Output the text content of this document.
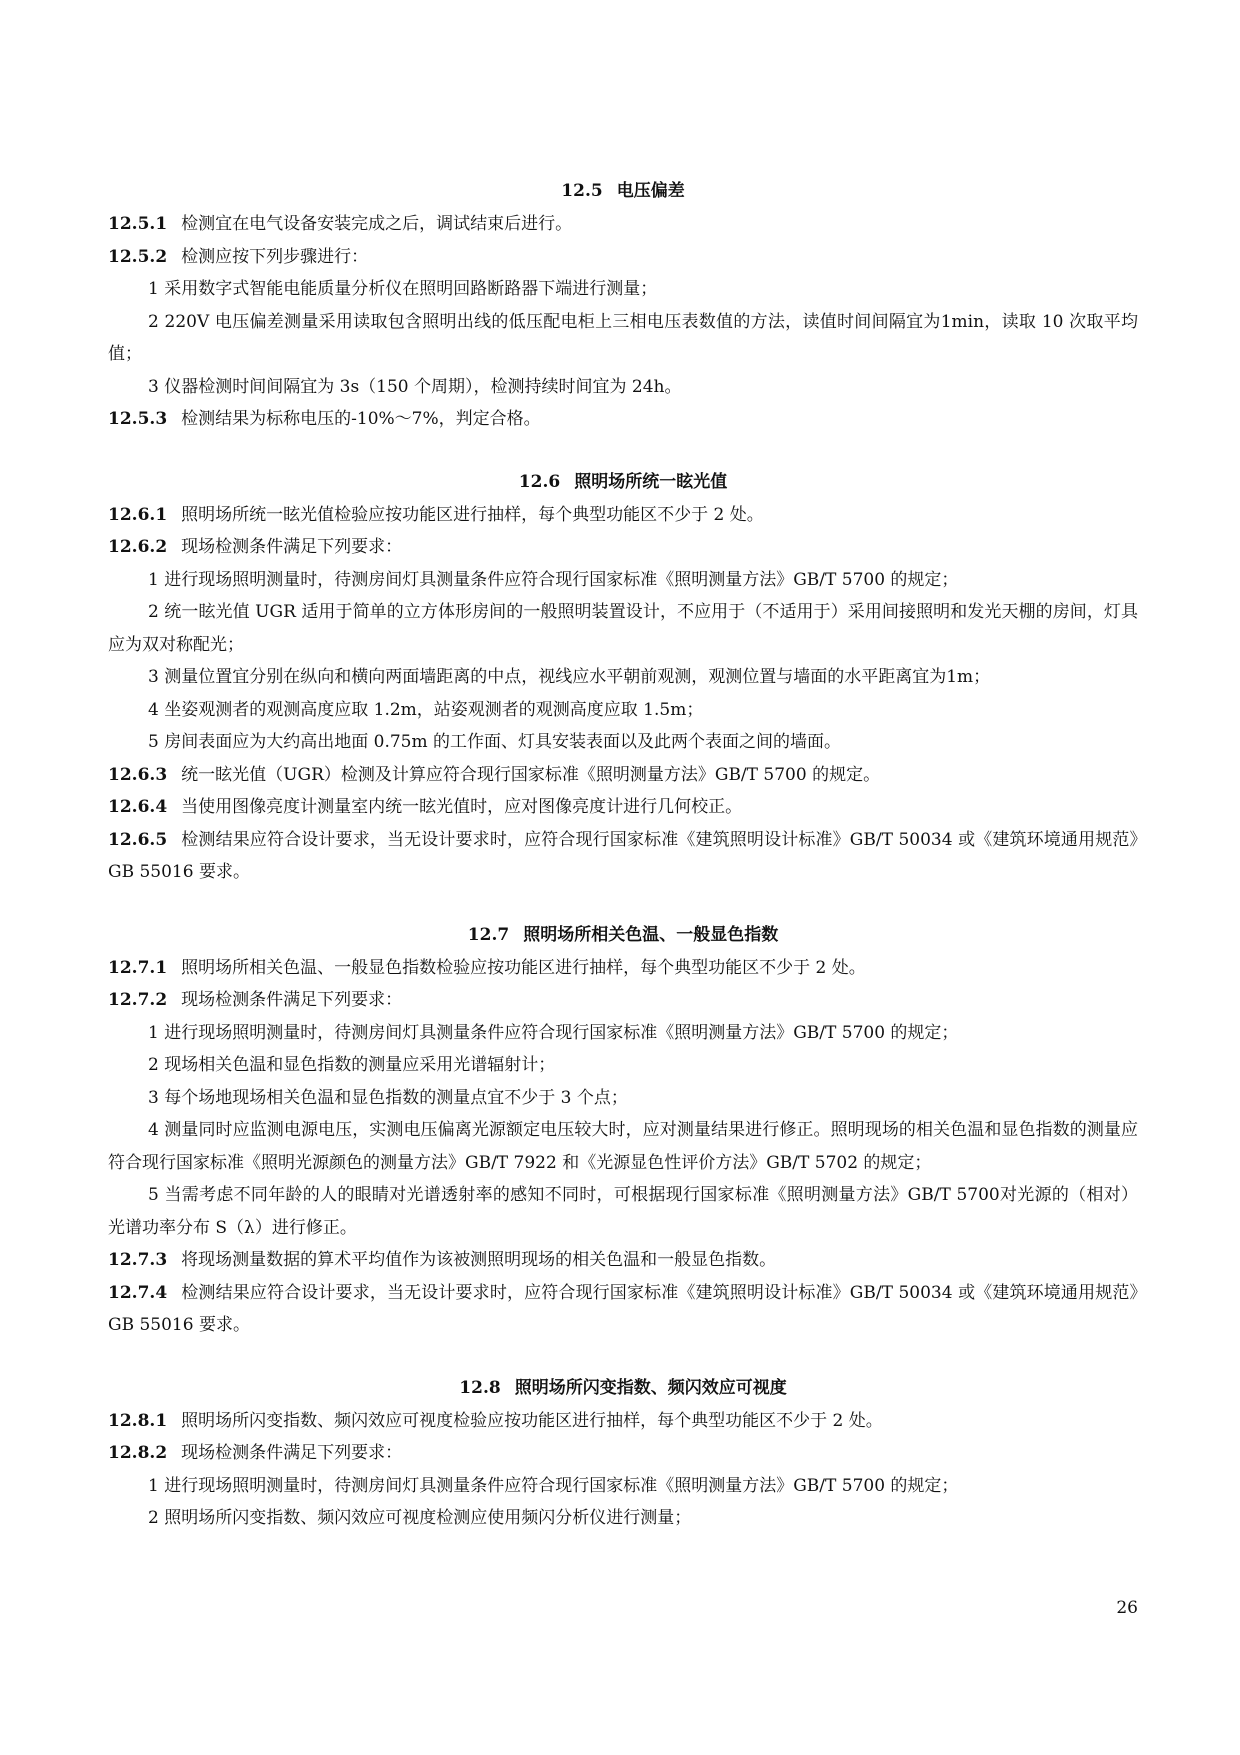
12.5 电压偏差

12.5.1 检测宜在电气设备安装完成之后，调试结束后进行。

12.5.2 检测应按下列步骤进行：

1 采用数字式智能电能质量分析仪在照明回路断路器下端进行测量；

2 220V 电压偏差测量采用读取包含照明出线的低压配电柜上三相电压表数值的方法，读值时间间隔宜为1min，读取 10 次取平均值；

3 仪器检测时间间隔宜为 3s（150 个周期），检测持续时间宜为 24h。

12.5.3 检测结果为标称电压的-10%～7%，判定合格。

12.6 照明场所统一眩光值

12.6.1 照明场所统一眩光值检验应按功能区进行抽样，每个典型功能区不少于 2 处。

12.6.2 现场检测条件满足下列要求：

1 进行现场照明测量时，待测房间灯具测量条件应符合现行国家标准《照明测量方法》GB/T 5700 的规定；

2 统一眩光值 UGR 适用于简单的立方体形房间的一般照明装置设计，不应用于（不适用于）采用间接照明和发光天棚的房间，灯具应为双对称配光；

3 测量位置宜分别在纵向和横向两面墙距离的中点，视线应水平朝前观测，观测位置与墙面的水平距离宜为1m；

4 坐姿观测者的观测高度应取 1.2m，站姿观测者的观测高度应取 1.5m；

5 房间表面应为大约高出地面 0.75m 的工作面、灯具安装表面以及此两个表面之间的墙面。

12.6.3 统一眩光值（UGR）检测及计算应符合现行国家标准《照明测量方法》GB/T 5700 的规定。

12.6.4 当使用图像亮度计测量室内统一眩光值时，应对图像亮度计进行几何校正。

12.6.5 检测结果应符合设计要求，当无设计要求时，应符合现行国家标准《建筑照明设计标准》GB/T 50034 或《建筑环境通用规范》GB 55016 要求。

12.7 照明场所相关色温、一般显色指数

12.7.1 照明场所相关色温、一般显色指数检验应按功能区进行抽样，每个典型功能区不少于 2 处。

12.7.2 现场检测条件满足下列要求：

1 进行现场照明测量时，待测房间灯具测量条件应符合现行国家标准《照明测量方法》GB/T 5700 的规定；

2 现场相关色温和显色指数的测量应采用光谱辐射计；

3 每个场地现场相关色温和显色指数的测量点宜不少于 3 个点；

4 测量同时应监测电源电压，实测电压偏离光源额定电压较大时，应对测量结果进行修正。照明现场的相关色温和显色指数的测量应符合现行国家标准《照明光源颜色的测量方法》GB/T 7922 和《光源显色性评价方法》GB/T 5702 的规定；

5 当需考虑不同年龄的人的眼睛对光谱透射率的感知不同时，可根据现行国家标准《照明测量方法》GB/T 5700对光源的（相对）光谱功率分布 S（λ）进行修正。

12.7.3 将现场测量数据的算术平均值作为该被测照明现场的相关色温和一般显色指数。

12.7.4 检测结果应符合设计要求，当无设计要求时，应符合现行国家标准《建筑照明设计标准》GB/T 50034 或《建筑环境通用规范》GB 55016 要求。

12.8 照明场所闪变指数、频闪效应可视度

12.8.1 照明场所闪变指数、频闪效应可视度检验应按功能区进行抽样，每个典型功能区不少于 2 处。

12.8.2 现场检测条件满足下列要求：

1 进行现场照明测量时，待测房间灯具测量条件应符合现行国家标准《照明测量方法》GB/T 5700 的规定；

2 照明场所闪变指数、频闪效应可视度检测应使用频闪分析仪进行测量；

26
